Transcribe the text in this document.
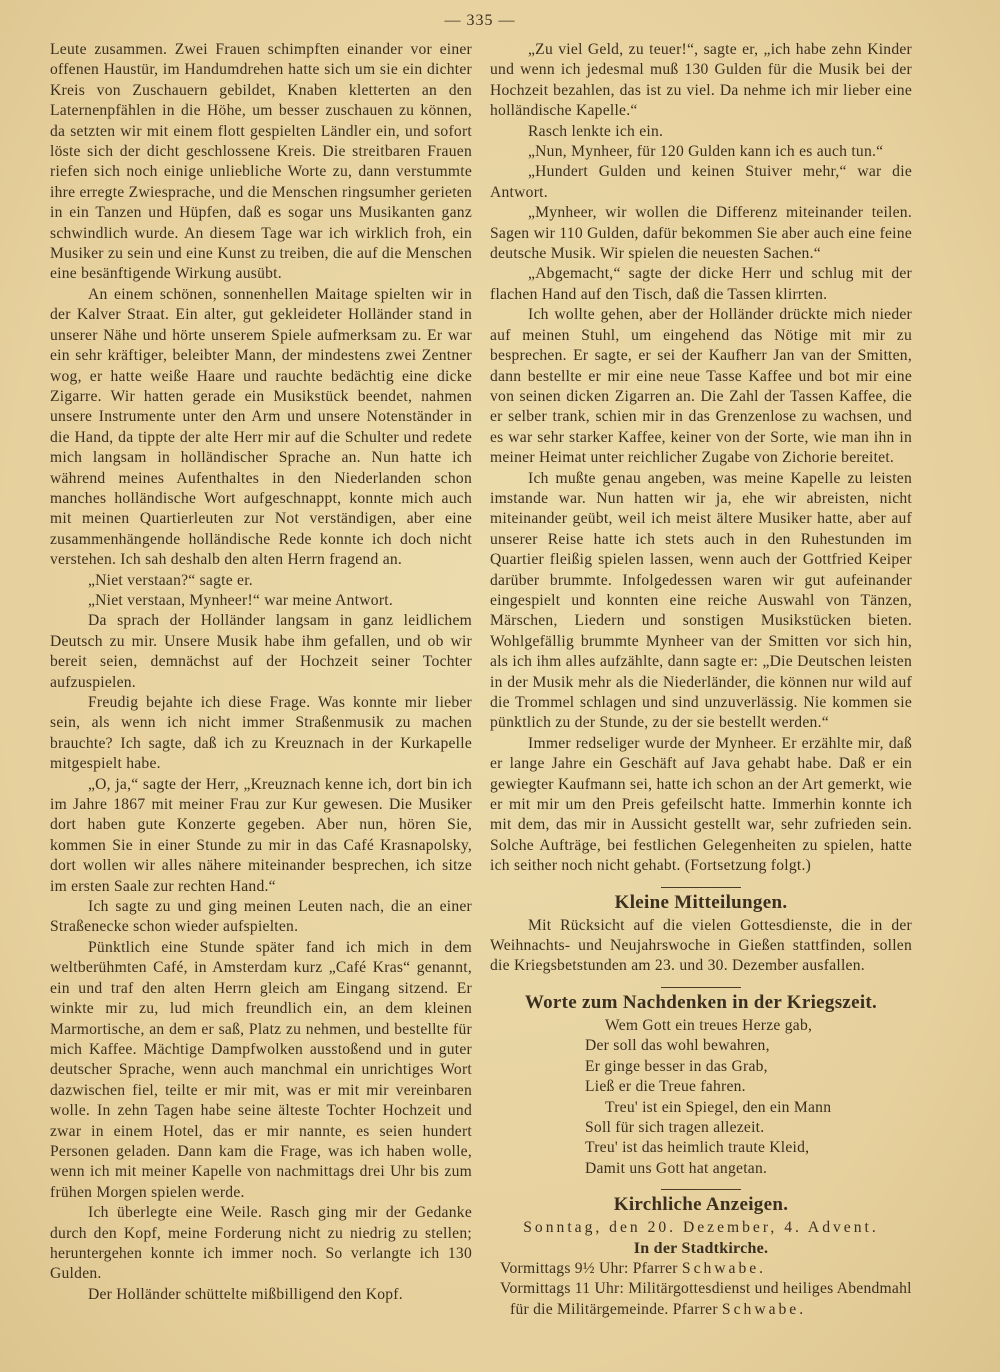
— 335 —

Leute zusammen. Zwei Frauen schimpften einander vor einer offenen Haustür, im Handumdrehen hatte sich um sie ein dichter Kreis von Zuschauern gebildet, Knaben kletterten an den Laternenpfählen in die Höhe, um besser zuschauen zu können, da setzten wir mit einem flott gespielten Ländler ein, und sofort löste sich der dicht geschlossene Kreis. Die streitbaren Frauen riefen sich noch einige unliebliche Worte zu, dann verstummte ihre erregte Zwiesprache, und die Menschen ringsumher gerieten in ein Tanzen und Hüpfen, daß es sogar uns Musikanten ganz schwindlich wurde. An diesem Tage war ich wirklich froh, ein Musiker zu sein und eine Kunst zu treiben, die auf die Menschen eine besänftigende Wirkung ausübt.

An einem schönen, sonnenhellen Maitage spielten wir in der Kalver Straat. Ein alter, gut gekleideter Holländer stand in unserer Nähe und hörte unserem Spiele aufmerksam zu. Er war ein sehr kräftiger, beleibter Mann, der mindestens zwei Zentner wog, er hatte weiße Haare und rauchte bedächtig eine dicke Zigarre. Wir hatten gerade ein Musikstück beendet, nahmen unsere Instrumente unter den Arm und unsere Notenständer in die Hand, da tippte der alte Herr mir auf die Schulter und redete mich langsam in holländischer Sprache an. Nun hatte ich während meines Aufenthaltes in den Niederlanden schon manches holländische Wort aufgeschnappt, konnte mich auch mit meinen Quartierleuten zur Not verständigen, aber eine zusammenhängende holländische Rede konnte ich doch nicht verstehen. Ich sah deshalb den alten Herrn fragend an.

„Niet verstaan?“ sagte er.

„Niet verstaan, Mynheer!“ war meine Antwort.

Da sprach der Holländer langsam in ganz leidlichem Deutsch zu mir. Unsere Musik habe ihm gefallen, und ob wir bereit seien, demnächst auf der Hochzeit seiner Tochter aufzuspielen.

Freudig bejahte ich diese Frage. Was konnte mir lieber sein, als wenn ich nicht immer Straßenmusik zu machen brauchte? Ich sagte, daß ich zu Kreuznach in der Kurkapelle mitgespielt habe.

„O, ja,“ sagte der Herr, „Kreuznach kenne ich, dort bin ich im Jahre 1867 mit meiner Frau zur Kur gewesen. Die Musiker dort haben gute Konzerte gegeben. Aber nun, hören Sie, kommen Sie in einer Stunde zu mir in das Café Krasnapolsky, dort wollen wir alles nähere miteinander besprechen, ich sitze im ersten Saale zur rechten Hand.“

Ich sagte zu und ging meinen Leuten nach, die an einer Straßenecke schon wieder aufspielten.

Pünktlich eine Stunde später fand ich mich in dem weltberühmten Café, in Amsterdam kurz „Café Kras“ genannt, ein und traf den alten Herrn gleich am Eingang sitzend. Er winkte mir zu, lud mich freundlich ein, an dem kleinen Marmortische, an dem er saß, Platz zu nehmen, und bestellte für mich Kaffee. Mächtige Dampfwolken ausstoßend und in guter deutscher Sprache, wenn auch manchmal ein unrichtiges Wort dazwischen fiel, teilte er mir mit, was er mit mir vereinbaren wolle. In zehn Tagen habe seine älteste Tochter Hochzeit und zwar in einem Hotel, das er mir nannte, es seien hundert Personen geladen. Dann kam die Frage, was ich haben wolle, wenn ich mit meiner Kapelle von nachmittags drei Uhr bis zum frühen Morgen spielen werde.

Ich überlegte eine Weile. Rasch ging mir der Gedanke durch den Kopf, meine Forderung nicht zu niedrig zu stellen; heruntergehen konnte ich immer noch. So verlangte ich 130 Gulden.

Der Holländer schüttelte mißbilligend den Kopf.

„Zu viel Geld, zu teuer!“, sagte er, „ich habe zehn Kinder und wenn ich jedesmal muß 130 Gulden für die Musik bei der Hochzeit bezahlen, das ist zu viel. Da nehme ich mir lieber eine holländische Kapelle.“

Rasch lenkte ich ein.

„Nun, Mynheer, für 120 Gulden kann ich es auch tun.“

„Hundert Gulden und keinen Stuiver mehr,“ war die Antwort.

„Mynheer, wir wollen die Differenz miteinander teilen. Sagen wir 110 Gulden, dafür bekommen Sie aber auch eine feine deutsche Musik. Wir spielen die neuesten Sachen.“

„Abgemacht,“ sagte der dicke Herr und schlug mit der flachen Hand auf den Tisch, daß die Tassen klirrten.

Ich wollte gehen, aber der Holländer drückte mich nieder auf meinen Stuhl, um eingehend das Nötige mit mir zu besprechen. Er sagte, er sei der Kaufherr Jan van der Smitten, dann bestellte er mir eine neue Tasse Kaffee und bot mir eine von seinen dicken Zigarren an. Die Zahl der Tassen Kaffee, die er selber trank, schien mir in das Grenzenlose zu wachsen, und es war sehr starker Kaffee, keiner von der Sorte, wie man ihn in meiner Heimat unter reichlicher Zugabe von Zichorie bereitet.

Ich mußte genau angeben, was meine Kapelle zu leisten imstande war. Nun hatten wir ja, ehe wir abreisten, nicht miteinander geübt, weil ich meist ältere Musiker hatte, aber auf unserer Reise hatte ich stets auch in den Ruhestunden im Quartier fleißig spielen lassen, wenn auch der Gottfried Keiper darüber brummte. Infolgedessen waren wir gut aufeinander eingespielt und konnten eine reiche Auswahl von Tänzen, Märschen, Liedern und sonstigen Musikstücken bieten. Wohlgefällig brummte Mynheer van der Smitten vor sich hin, als ich ihm alles aufzählte, dann sagte er: „Die Deutschen leisten in der Musik mehr als die Niederländer, die können nur wild auf die Trommel schlagen und sind unzuverlässig. Nie kommen sie pünktlich zu der Stunde, zu der sie bestellt werden.“

Immer redseliger wurde der Mynheer. Er erzählte mir, daß er lange Jahre ein Geschäft auf Java gehabt habe. Daß er ein gewiegter Kaufmann sei, hatte ich schon an der Art gemerkt, wie er mit mir um den Preis gefeilscht hatte. Immerhin konnte ich mit dem, das mir in Aussicht gestellt war, sehr zufrieden sein. Solche Aufträge, bei festlichen Gelegenheiten zu spielen, hatte ich seither noch nicht gehabt. (Fortsetzung folgt.)

Kleine Mitteilungen.

Mit Rücksicht auf die vielen Gottesdienste, die in der Weihnachts- und Neujahrswoche in Gießen stattfinden, sollen die Kriegsbetstunden am 23. und 30. Dezember ausfallen.

Worte zum Nachdenken in der Kriegszeit.
Wem Gott ein treues Herze gab,
Der soll das wohl bewahren,
Er ginge besser in das Grab,
Ließ er die Treue fahren.
Treu' ist ein Spiegel, den ein Mann
Soll für sich tragen allezeit.
Treu' ist das heimlich traute Kleid,
Damit uns Gott hat angetan.
Kirchliche Anzeigen.
Sonntag, den 20. Dezember, 4. Advent.
In der Stadtkirche.
Vormittags 9½ Uhr: Pfarrer Schwabe.
Vormittags 11 Uhr: Militärgottesdienst und heiliges Abendmahl für die Militärgemeinde. Pfarrer Schwabe.
